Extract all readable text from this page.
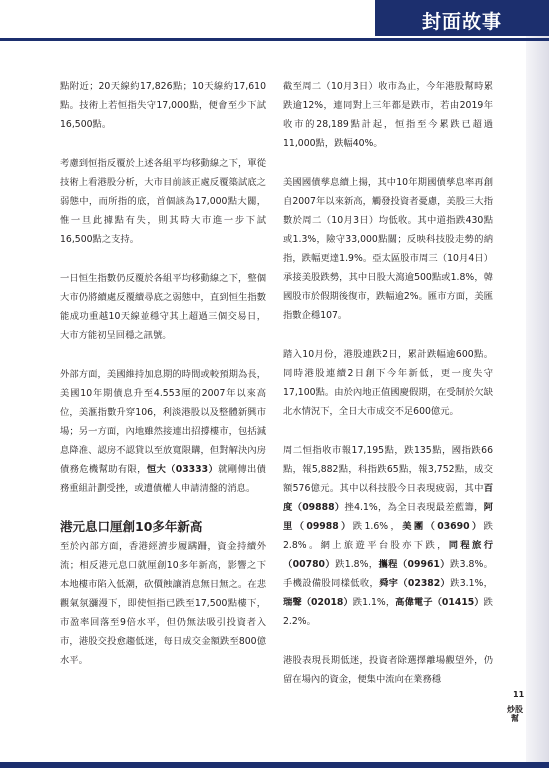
封面故事

點附近；20天線約17,826點；10天線約17,610點。技術上若恒指失守17,000點，便會至少下試16,500點。

考慮到恒指反覆於上述各組平均移動線之下，單從技術上看港股分析，大市目前該正處反覆築試底之弱態中，而所指的底，首個該為17,000點大關，惟一旦此據點有失，則其時大市進一步下試16,500點之支持。

一日恒生指數仍反覆於各組平均移動線之下，整個大市仍將續處反覆續尋底之弱態中，直到恒生指數能成功重越10天線並穩守其上超過三個交易日，大市方能初呈回穩之訊號。

外部方面，美國維持加息期的時間或較預期為長，美國10年期債息升至4.553厘的2007年以來高位，美滙指數升穿106，利淡港股以及整體新興市場；另一方面，內地雖然接連出招撐樓市，包括減息降准、認房不認貸以至放寬限購，但對解決內房債務危機幫助有限，恒大（03333）就剛傳出債務重組計劃受挫，或遭債權人申請清盤的消息。

港元息口厘創10多年新高

至於內部方面，香港經濟步履蹒跚，資金持續外流；相反港元息口就厘創10多年新高，影響之下本地樓市陷入低潮，砍價蝕讓消息無日無之。在悲觀氣氛瀰漫下，即使恒指已跌至17,500點樓下，市盈率回落至9倍水平，但仍無法吸引投資者入市，港股交投愈趨低迷，每日成交金額跌至800億水平。

截至周二（10月3日）收市為止，今年港股幫時累跌逾12%，連同對上三年都是跌市，若由2019年收市的28,189點計起，恒指至今累跌已超過11,000點，跌幅40%。

美國國債孳息續上揚，其中10年期國債孳息率再創自2007年以來新高，觸發投資者憂慮，美股三大指數於周二（10月3日）均低收。其中道指跌430點或1.3%，險守33,000點關；反映科技股走勢的納指，跌幅更達1.9%。亞太區股市周三（10月4日）承接美股跌勢，其中日股大瀉逾500點或1.8%，韓國股市於假期後復市，跌幅逾2%。匯市方面，美匯指數企穩107。

踏入10月份，港股連跌2日，累計跌幅逾600點。同時港股連續2日創下今年新低，更一度失守17,100點。由於內地正值國慶假期，在受制於欠缺北水情況下，全日大市成交不足600億元。

周二恒指收市報17,195點，跌135點，國指跌66點，報5,882點，科指跌65點，報3,752點，成交額576億元。其中以科技股今日表現疲弱，其中百度（09888）挫4.1%，為全日表現最差藍籌，阿里（09988）跌1.6%，美團（03690）跌2.8%。網上旅遊平台股亦下跌，同程旅行（00780）跌1.8%，攜程（09961）跌3.8%。手機設備股同樣低收，舜宇（02382）跌3.1%，瑞聲（02018）跌1.1%，高偉電子（01415）跌2.2%。

港股表現長期低迷，投資者除選擇離場觀望外，仍留在場內的資金，便集中流向在業務穩

11
炒股幫
